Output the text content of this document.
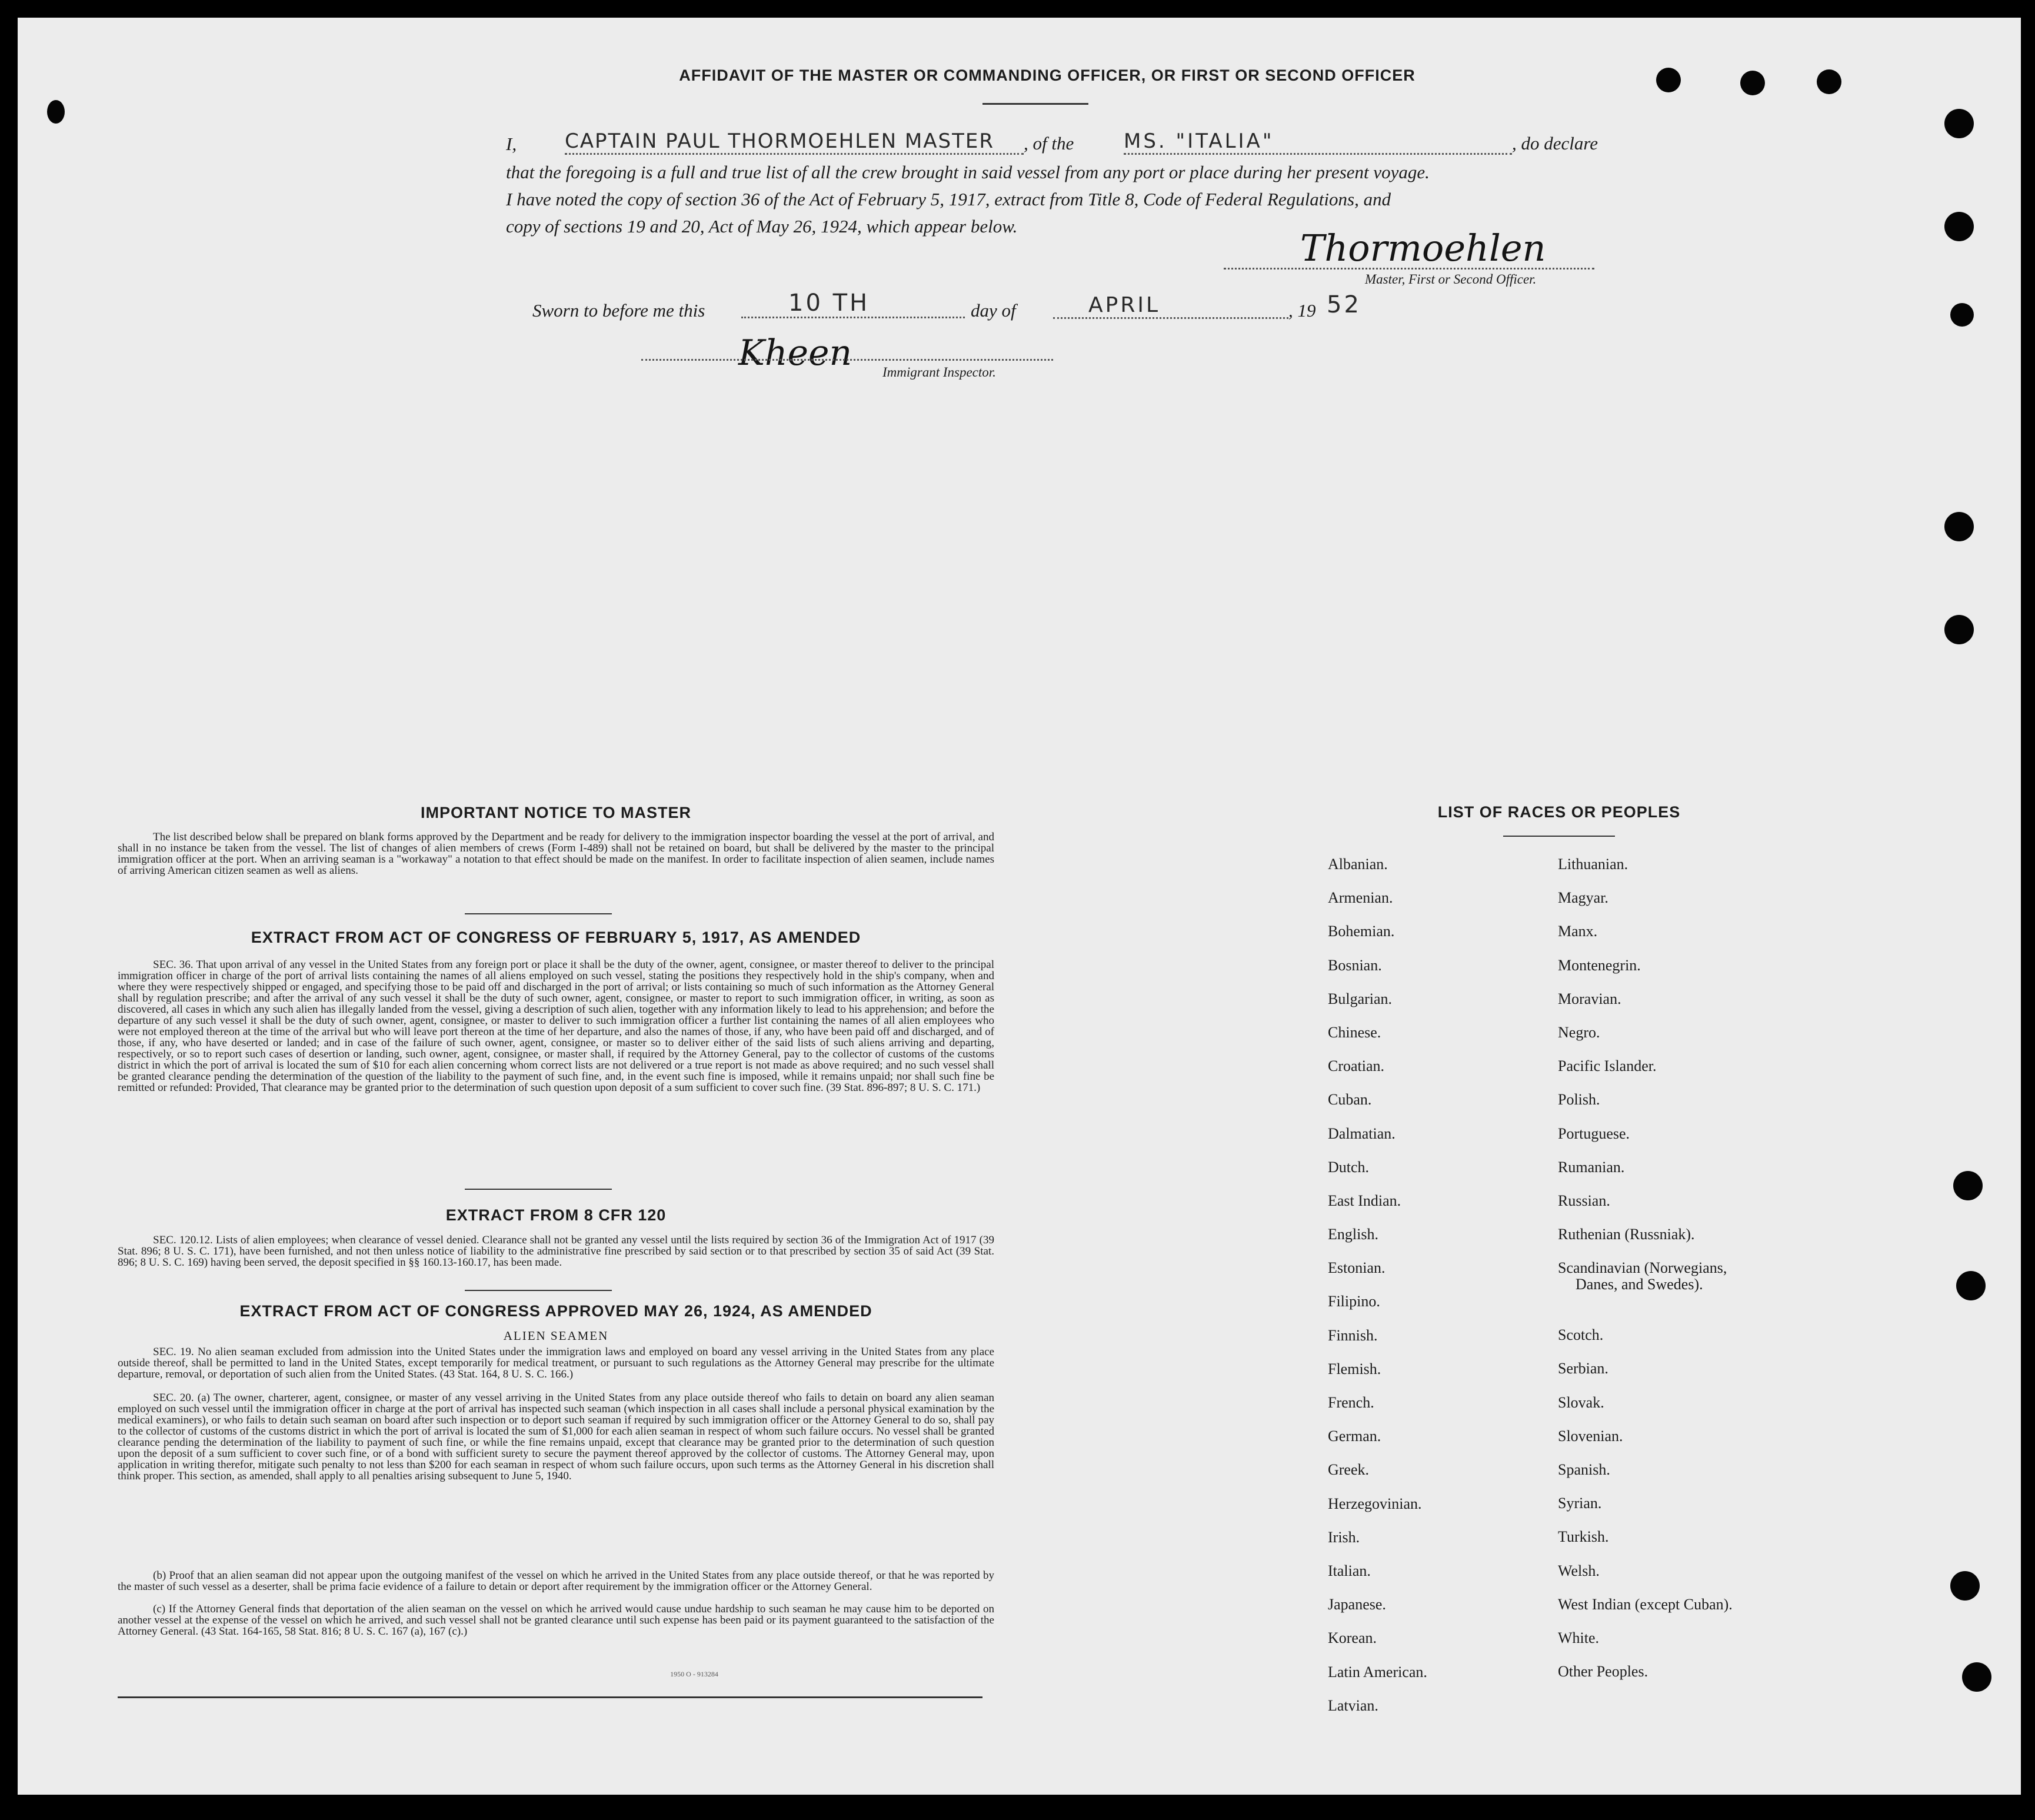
AFFIDAVIT OF THE MASTER OR COMMANDING OFFICER, OR FIRST OR SECOND OFFICER
I,	CAPTAIN PAUL THORMOEHLEN MASTER	, of the MS. "ITALIA"	, do declare
that the foregoing is a full and true list of all the crew brought in said vessel from any port or place during her present voyage.
I have noted the copy of section 36 of the Act of February 5, 1917, extract from Title 8, Code of Federal Regulations, and
copy of sections 19 and 20, Act of May 26, 1924, which appear below.
Thormoehlen
Master, First or Second Officer.
Sworn to before me this	10 TH	day of	APRIL	, 19 52
Kheen Immigrant Inspector.
IMPORTANT NOTICE TO MASTER
The list described below shall be prepared on blank forms approved by the Department and be ready for delivery to the immigration inspector boarding the vessel at the port of arrival, and shall in no instance be taken from the vessel. The list of changes of alien members of crews (Form I-489) shall not be retained on board, but shall be delivered by the master to the principal immigration officer at the port. When an arriving seaman is a "workaway" a notation to that effect should be made on the manifest. In order to facilitate inspection of alien seamen, include names of arriving American citizen seamen as well as aliens.
EXTRACT FROM ACT OF CONGRESS OF FEBRUARY 5, 1917, AS AMENDED
SEC. 36. That upon arrival of any vessel in the United States from any foreign port or place it shall be the duty of the owner, agent, consignee, or master thereof to deliver to the principal immigration officer in charge of the port of arrival lists containing the names of all aliens employed on such vessel, stating the positions they respectively hold in the ship's company, when and where they were respectively shipped or engaged, and specifying those to be paid off and discharged in the port of arrival; or lists containing so much of such information as the Attorney General shall by regulation prescribe; and after the arrival of any such vessel it shall be the duty of such owner, agent, consignee, or master to report to such immigration officer, in writing, as soon as discovered, all cases in which any such alien has illegally landed from the vessel, giving a description of such alien, together with any information likely to lead to his apprehension; and before the departure of any such vessel it shall be the duty of such owner, agent, consignee, or master to deliver to such immigration officer a further list containing the names of all alien employees who were not employed thereon at the time of the arrival but who will leave port thereon at the time of her departure, and also the names of those, if any, who have been paid off and discharged, and of those, if any, who have deserted or landed; and in case of the failure of such owner, agent, consignee, or master so to deliver either of the said lists of such aliens arriving and departing, respectively, or so to report such cases of desertion or landing, such owner, agent, consignee, or master shall, if required by the Attorney General, pay to the collector of customs of the customs district in which the port of arrival is located the sum of $10 for each alien concerning whom correct lists are not delivered or a true report is not made as above required; and no such vessel shall be granted clearance pending the determination of the question of the liability to the payment of such fine, and, in the event such fine is imposed, while it remains unpaid; nor shall such fine be remitted or refunded: Provided, That clearance may be granted prior to the determination of such question upon deposit of a sum sufficient to cover such fine. (39 Stat. 896-897; 8 U. S. C. 171.)
EXTRACT FROM 8 CFR 120
SEC. 120.12. Lists of alien employees; when clearance of vessel denied. Clearance shall not be granted any vessel until the lists required by section 36 of the Immigration Act of 1917 (39 Stat. 896; 8 U. S. C. 171), have been furnished, and not then unless notice of liability to the administrative fine prescribed by said section or to that prescribed by section 35 of said Act (39 Stat. 896; 8 U. S. C. 169) having been served, the deposit specified in §§ 160.13-160.17, has been made.
EXTRACT FROM ACT OF CONGRESS APPROVED MAY 26, 1924, AS AMENDED
ALIEN SEAMEN
SEC. 19. No alien seaman excluded from admission into the United States under the immigration laws and employed on board any vessel arriving in the United States from any place outside thereof, shall be permitted to land in the United States, except temporarily for medical treatment, or pursuant to such regulations as the Attorney General may prescribe for the ultimate departure, removal, or deportation of such alien from the United States. (43 Stat. 164, 8 U. S. C. 166.)
SEC. 20. (a) The owner, charterer, agent, consignee, or master of any vessel arriving in the United States from any place outside thereof who fails to detain on board any alien seaman employed on such vessel until the immigration officer in charge at the port of arrival has inspected such seaman (which inspection in all cases shall include a personal physical examination by the medical examiners), or who fails to detain such seaman on board after such inspection or to deport such seaman if required by such immigration officer or the Attorney General to do so, shall pay to the collector of customs of the customs district in which the port of arrival is located the sum of $1,000 for each alien seaman in respect of whom such failure occurs. No vessel shall be granted clearance pending the determination of the liability to payment of such fine, or while the fine remains unpaid, except that clearance may be granted prior to the determination of such question upon the deposit of a sum sufficient to cover such fine, or of a bond with sufficient surety to secure the payment thereof approved by the collector of customs. The Attorney General may, upon application in writing therefor, mitigate such penalty to not less than $200 for each seaman in respect of whom such failure occurs, upon such terms as the Attorney General in his discretion shall think proper. This section, as amended, shall apply to all penalties arising subsequent to June 5, 1940.
(b) Proof that an alien seaman did not appear upon the outgoing manifest of the vessel on which he arrived in the United States from any place outside thereof, or that he was reported by the master of such vessel as a deserter, shall be prima facie evidence of a failure to detain or deport after requirement by the immigration officer or the Attorney General.
(c) If the Attorney General finds that deportation of the alien seaman on the vessel on which he arrived would cause undue hardship to such seaman he may cause him to be deported on another vessel at the expense of the vessel on which he arrived, and such vessel shall not be granted clearance until such expense has been paid or its payment guaranteed to the satisfaction of the Attorney General. (43 Stat. 164-165, 58 Stat. 816; 8 U. S. C. 167 (a), 167 (c).)
1950 O - 913284
LIST OF RACES OR PEOPLES
Albanian.
Armenian.
Bohemian.
Bosnian.
Bulgarian.
Chinese.
Croatian.
Cuban.
Dalmatian.
Dutch.
East Indian.
English.
Estonian.
Filipino.
Finnish.
Flemish.
French.
German.
Greek.
Herzegovinian.
Irish.
Italian.
Japanese.
Korean.
Latin American.
Latvian.
Lithuanian.
Magyar.
Manx.
Montenegrin.
Moravian.
Negro.
Pacific Islander.
Polish.
Portuguese.
Rumanian.
Russian.
Ruthenian (Russniak).
Scandinavian (Norwegians,
Danes, and Swedes).
Scotch.
Serbian.
Slovak.
Slovenian.
Spanish.
Syrian.
Turkish.
Welsh.
West Indian (except Cuban).
White.
Other Peoples.
